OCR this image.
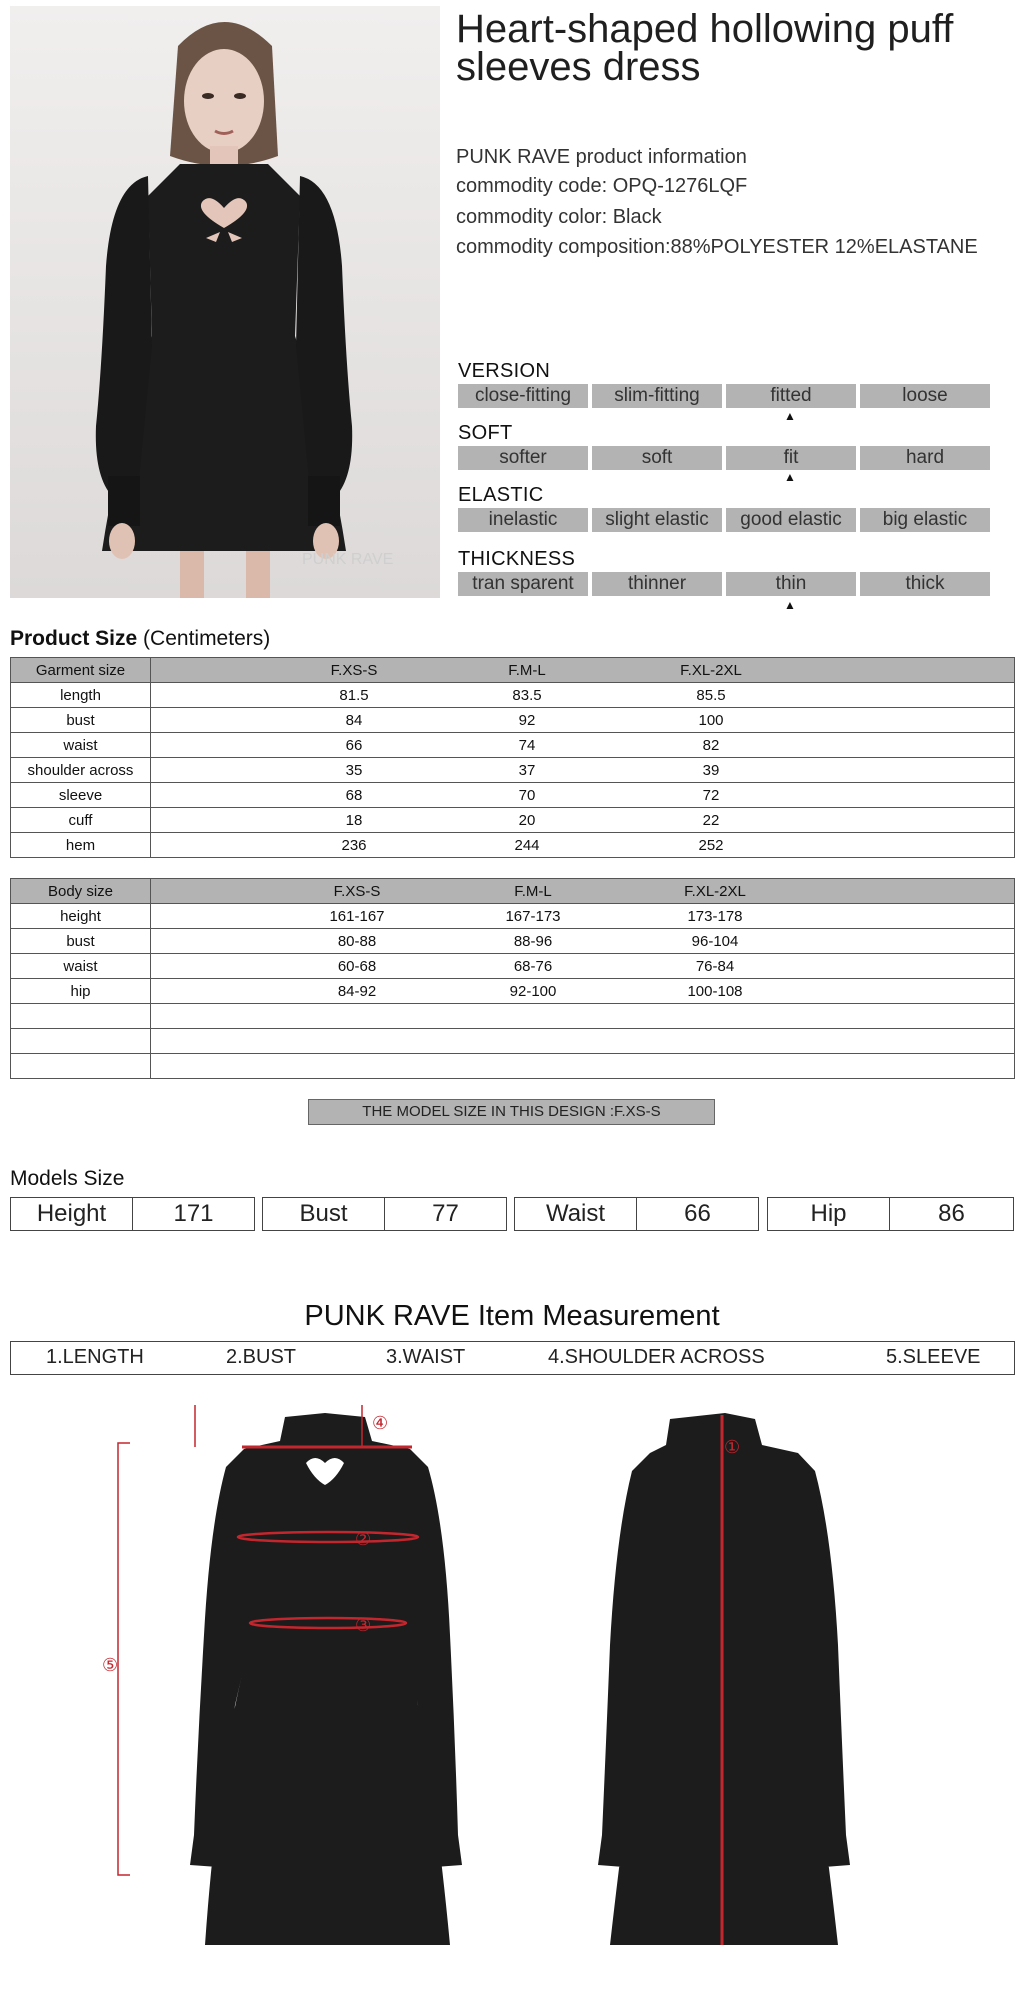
PUNK RAVE
Heart-shaped hollowing puff sleeves dress
PUNK RAVE product information
commodity code: OPQ-1276LQF
commodity color: Black
commodity composition:88%POLYESTER 12%ELASTANE
VERSION
close-fitting	slim-fitting	fitted	loose
▲
SOFT
softer	soft	fit	hard
▲
ELASTIC
inelastic	slight elastic	good elastic	big elastic
THICKNESS
tran sparent	thinner	thin	thick
▲
Product Size (Centimeters)
Garment size	F.XS-S F.M-L F.XL-2XL

length	81.5 83.5 85.5

bust	84 92 100

waist	66 74 82

shoulder across	35 37 39

sleeve	68 70 72

cuff	18 20 22

hem	236 244 252
Body size	F.XS-S F.M-L F.XL-2XL

height	161-167 167-173 173-178

bust	80-88 88-96 96-104

waist	60-68 68-76 76-84

hip	84-92 92-100 100-108

THE MODEL SIZE IN THIS DESIGN :F.XS-S
Models Size
Height	171	Bust	77	Waist	66	Hip	86
PUNK RAVE Item Measurement
1.LENGTH	2.BUST	3.WAIST	4.SHOULDER ACROSS	5.SLEEVE
④
②
③
⑤
①
